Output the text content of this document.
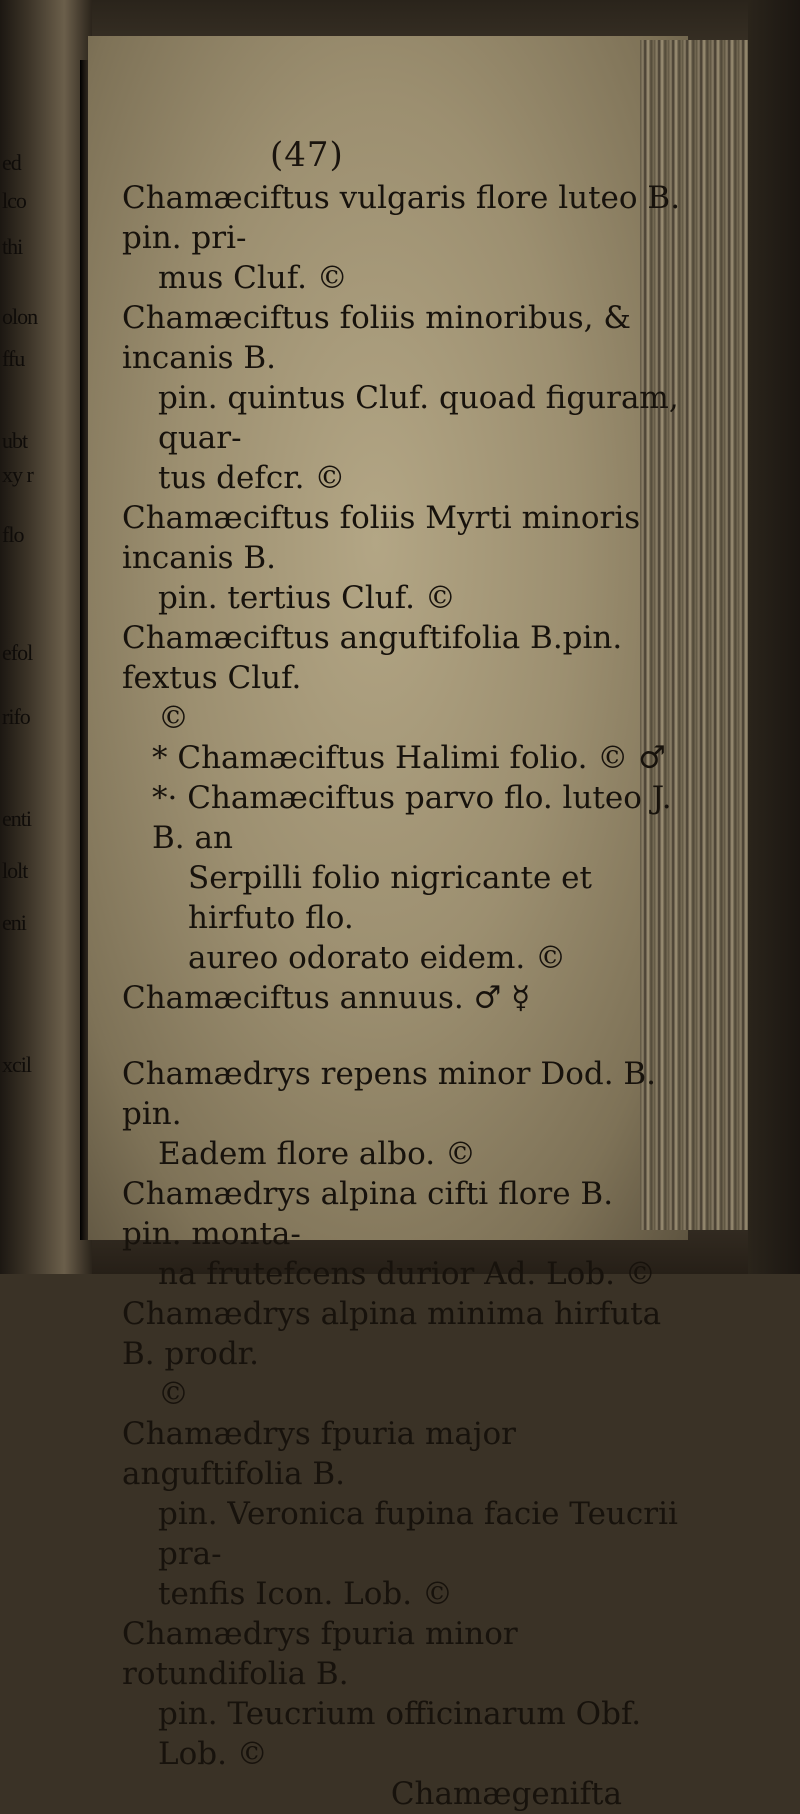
ed
lco
thi
olon
ffu
ubt
xy r
flo
efol
rifo
enti
lolt
eni
xcil
(47)

Chamæciftus vulgaris flore luteo B. pin. pri-
mus Cluf. ©

Chamæciftus foliis minoribus, & incanis B.
pin. quintus Cluf. quoad figuram, quar-
tus defcr. ©

Chamæciftus foliis Myrti minoris incanis B.
pin. tertius Cluf. ©

Chamæciftus anguftifolia B.pin. fextus Cluf.
©

* Chamæciftus Halimi folio. © ♂

*· Chamæciftus parvo flo. luteo J. B. an
Serpilli folio nigricante et hirfuto flo.
aureo odorato eidem. ©

Chamæciftus annuus. ♂ ☿

Chamædrys repens minor Dod. B. pin.
Eadem flore albo. ©

Chamædrys alpina cifti flore B. pin. monta-
na frutefcens durior Ad. Lob. ©

Chamædrys alpina minima hirfuta B. prodr.
©

Chamædrys fpuria major anguftifolia B.
pin. Veronica fupina facie Teucrii pra-
tenfis Icon. Lob. ©

Chamædrys fpuria minor rotundifolia B.
pin. Teucrium officinarum Obf. Lob. ©

Chamægenifta
